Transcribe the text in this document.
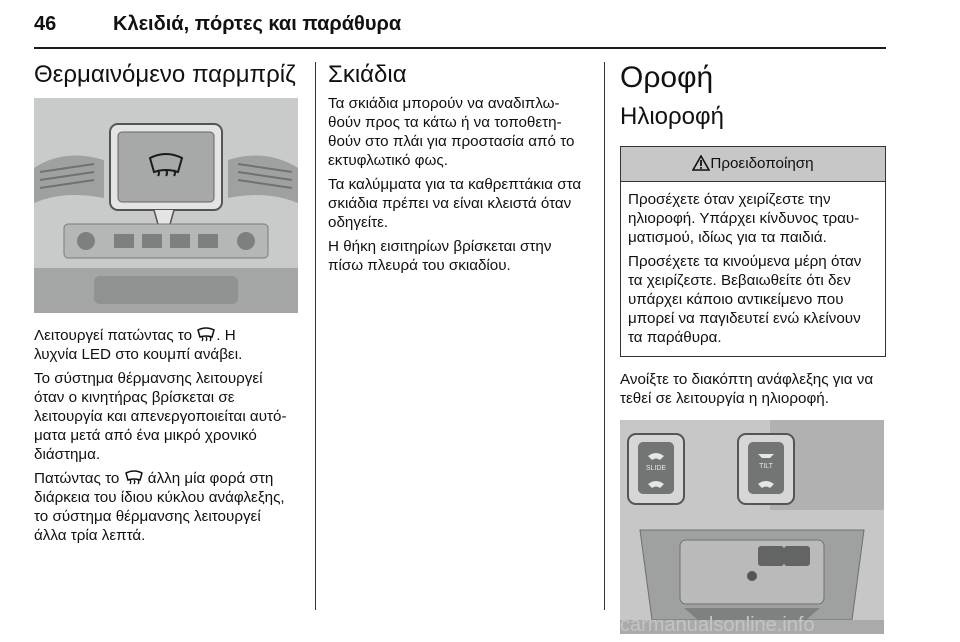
46	Κλειδιά, πόρτες και παράθυρα
Θερμαινόμενο παρμπρίζ

Λειτουργεί πατώντας το . Η
λυχνία LED στο κουμπί ανάβει.

Το σύστημα θέρμανσης λειτουργεί
όταν ο κινητήρας βρίσκεται σε
λειτουργία και απενεργοποιείται αυτό-
ματα μετά από ένα μικρό χρονικό
διάστημα.

Πατώντας το άλλη μία φορά στη
διάρκεια του ίδιου κύκλου ανάφλεξης,
το σύστημα θέρμανσης λειτουργεί
άλλα τρία λεπτά.

Σκιάδια

Τα σκιάδια μπορούν να αναδιπλω-
θούν προς τα κάτω ή να τοποθετη-
θούν στο πλάι για προστασία από το
εκτυφλωτικό φως.

Τα καλύμματα για τα καθρεπτάκια στα
σκιάδια πρέπει να είναι κλειστά όταν
οδηγείτε.

Η θήκη εισιτηρίων βρίσκεται στην
πίσω πλευρά του σκιαδίου.

Οροφή
Ηλιοροφή
Προειδοποίηση

Προσέχετε όταν χειρίζεστε την
ηλιοροφή. Υπάρχει κίνδυνος τραυ-
ματισμού, ιδίως για τα παιδιά.

Προσέχετε τα κινούμενα μέρη όταν
τα χειρίζεστε. Βεβαιωθείτε ότι δεν
υπάρχει κάποιο αντικείμενο που
μπορεί να παγιδευτεί ενώ κλείνουν
τα παράθυρα.

Ανοίξτε το διακόπτη ανάφλεξης για να
τεθεί σε λειτουργία η ηλιοροφή.

SLIDE	TILT
carmanualsonline.info
